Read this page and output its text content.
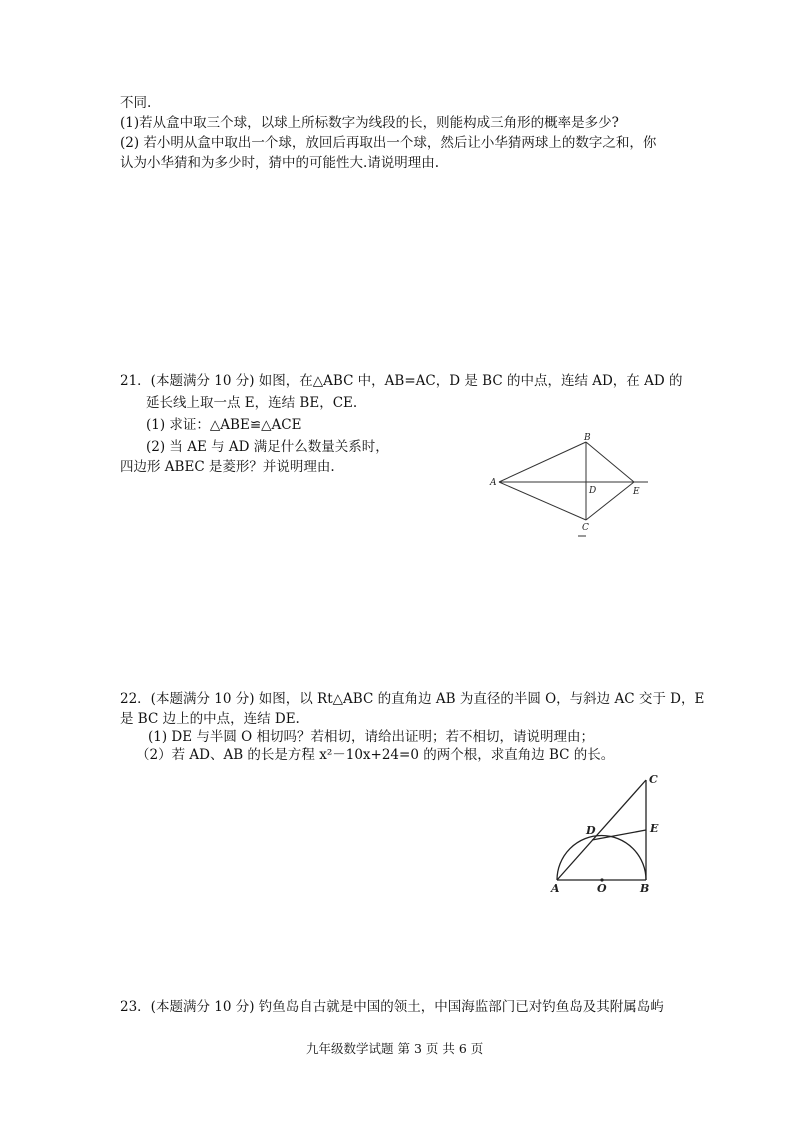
不同.
(1)若从盒中取三个球，以球上所标数字为线段的长，则能构成三角形的概率是多少?
(2) 若小明从盒中取出一个球，放回后再取出一个球，然后让小华猜两球上的数字之和，你
认为小华猜和为多少时，猜中的可能性大.请说明理由.
21．(本题满分 10 分) 如图，在△ABC 中，AB=AC，D 是 BC 的中点，连结 AD，在 AD 的
延长线上取一点 E，连结 BE，CE.
(1) 求证：△ABE≌△ACE
(2) 当 AE 与 AD 满足什么数量关系时，
四边形 ABEC 是菱形？并说明理由.
A
B
C
D	E
22．(本题满分 10 分) 如图，以 Rt△ABC 的直角边 AB 为直径的半圆 O，与斜边 AC 交于 D，E
是 BC 边上的中点，连结 DE.
(1) DE 与半圆 O 相切吗？若相切，请给出证明；若不相切，请说明理由；
（2）若 AD、AB 的长是方程 x²－10x+24=0 的两个根，求直角边 BC 的长。
A	B
C
D	E
O
23．(本题满分 10 分) 钓鱼岛自古就是中国的领土，中国海监部门已对钓鱼岛及其附属岛屿
九年级数学试题 第 3 页 共 6 页
